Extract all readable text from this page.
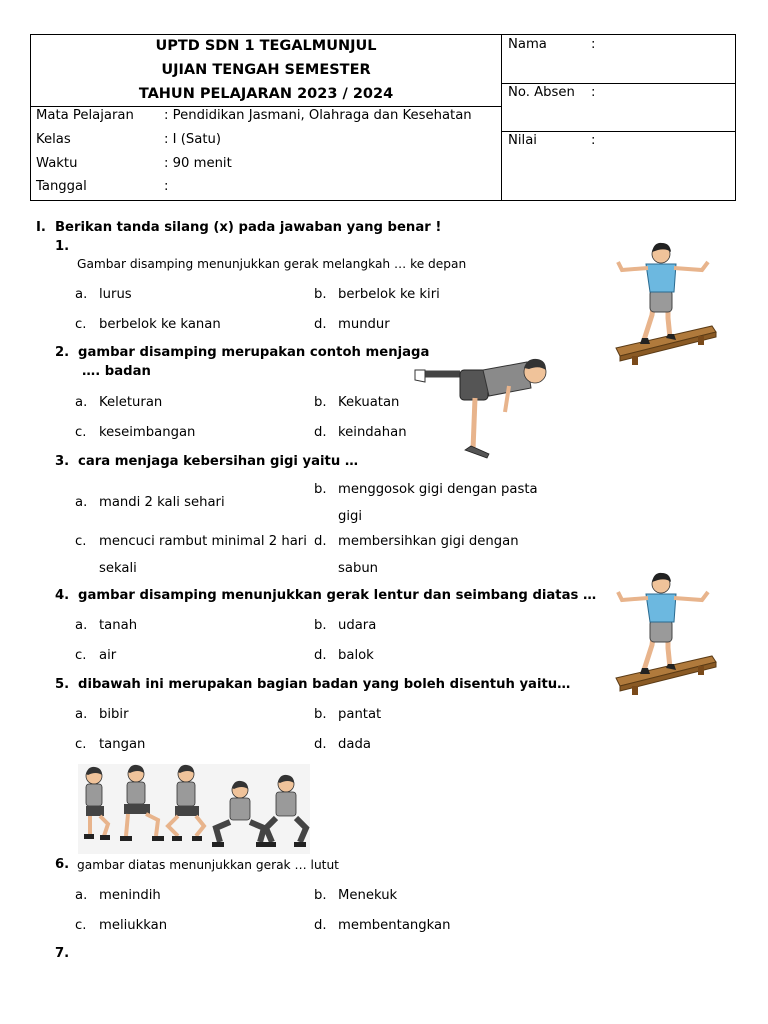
UPTD SDN 1 TEGALMUNJUL
UJIAN TENGAH SEMESTER
TAHUN PELAJARAN 2023 / 2024
Mata Pelajaran : Pendidikan Jasmani, Olahraga dan Kesehatan
Kelas	: I (Satu)
Waktu	: 90 menit
Tanggal	:
Nama	:
No. Absen :
Nilai	:
I. Berikan tanda silang (x) pada jawaban yang benar !
1.
Gambar disamping menunjukkan gerak melangkah … ke depan
a. lurus	b. berbelok ke kiri
c. berbelok ke kanan	d. mundur
2. gambar disamping merupakan contoh menjaga
…. badan
a. Keleturan	b. Kekuatan
c. keseimbangan	d. keindahan
3. cara menjaga kebersihan gigi yaitu …
a. mandi 2 kali sehari
b. menggosok gigi dengan pasta
gigi
c. mencuci rambut minimal 2 hari
sekali
d. membersihkan gigi dengan
sabun
4. gambar disamping menunjukkan gerak lentur dan seimbang diatas …
a. tanah	b. udara
c. air	d. balok
5. dibawah ini merupakan bagian badan yang boleh disentuh yaitu…
a. bibir	b. pantat
c. tangan	d. dada
6. gambar diatas menunjukkan gerak … lutut
a. menindih	b. Menekuk
c. meliukkan	d. membentangkan
7.
